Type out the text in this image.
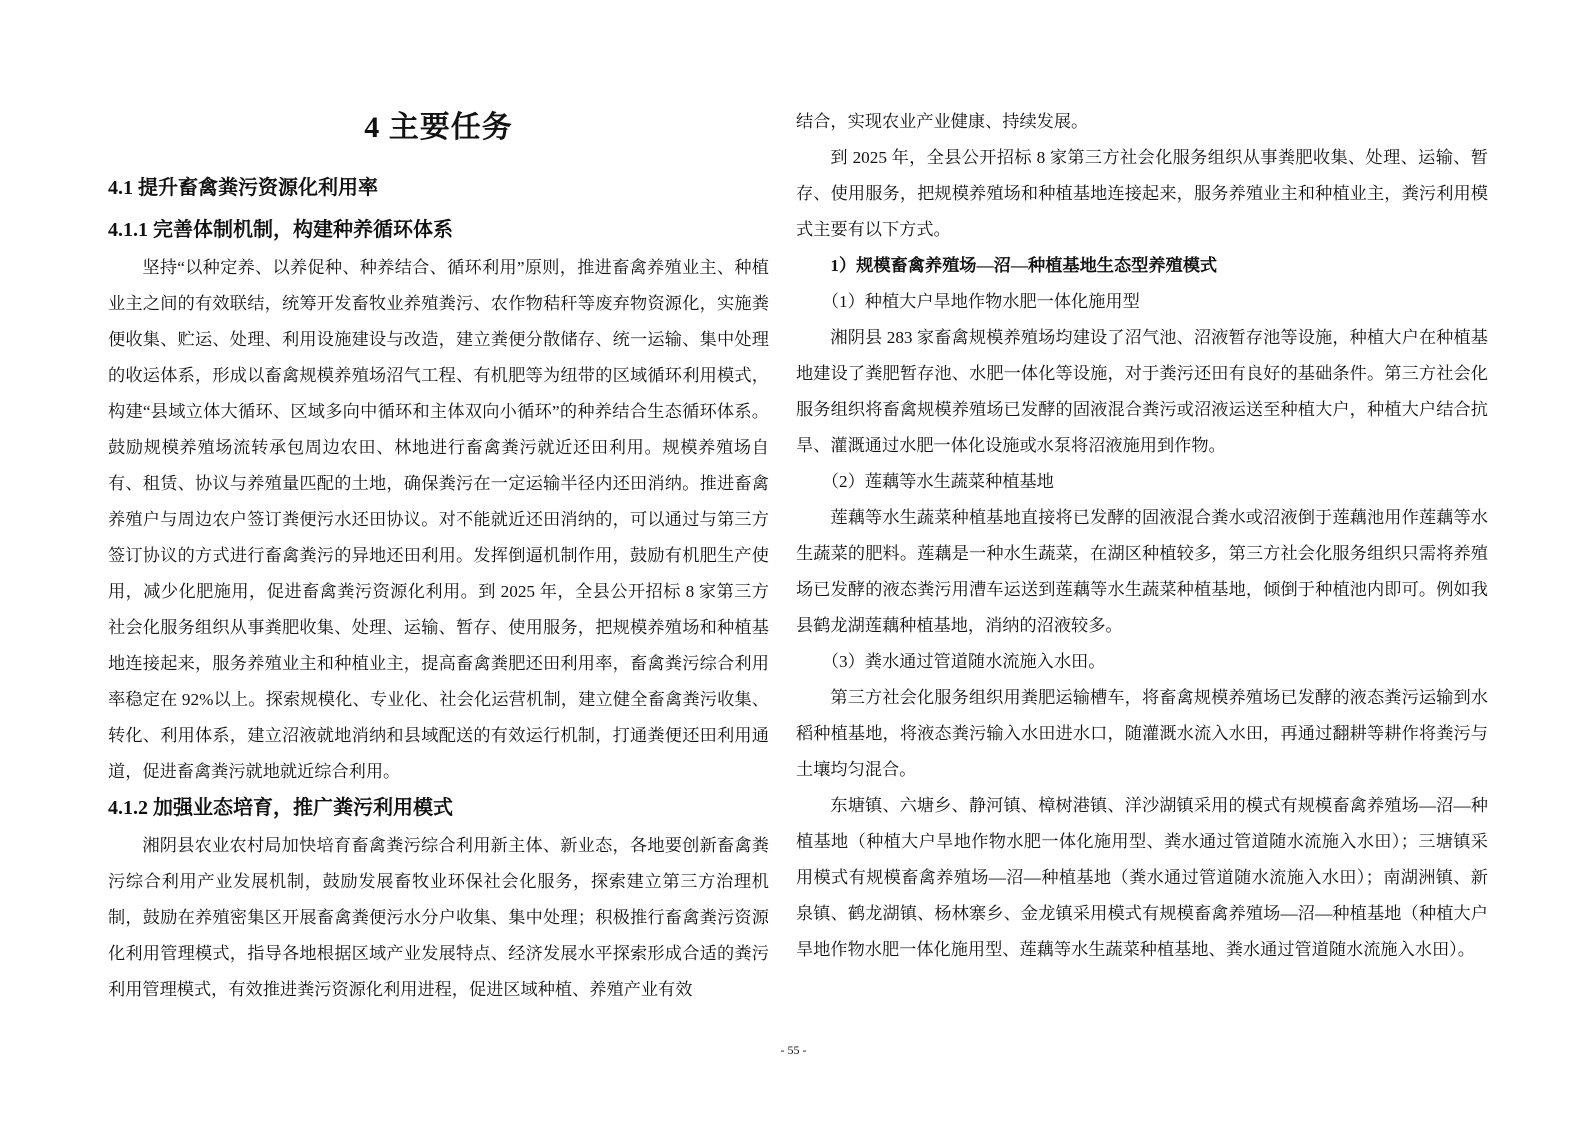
4 主要任务
4.1 提升畜禽粪污资源化利用率
4.1.1 完善体制机制，构建种养循环体系

坚持“以种定养、以养促种、种养结合、循环利用”原则，推进畜禽养殖业主、种植业主之间的有效联结，统筹开发畜牧业养殖粪污、农作物秸秆等废弃物资源化，实施粪便收集、贮运、处理、利用设施建设与改造，建立粪便分散储存、统一运输、集中处理的收运体系，形成以畜禽规模养殖场沼气工程、有机肥等为纽带的区域循环利用模式，构建“县域立体大循环、区域多向中循环和主体双向小循环”的种养结合生态循环体系。鼓励规模养殖场流转承包周边农田、林地进行畜禽粪污就近还田利用。规模养殖场自有、租赁、协议与养殖量匹配的土地，确保粪污在一定运输半径内还田消纳。推进畜禽养殖户与周边农户签订粪便污水还田协议。对不能就近还田消纳的，可以通过与第三方签订协议的方式进行畜禽粪污的异地还田利用。发挥倒逼机制作用，鼓励有机肥生产使用，减少化肥施用，促进畜禽粪污资源化利用。到 2025 年，全县公开招标 8 家第三方社会化服务组织从事粪肥收集、处理、运输、暂存、使用服务，把规模养殖场和种植基地连接起来，服务养殖业主和种植业主，提高畜禽粪肥还田利用率，畜禽粪污综合利用率稳定在 92%以上。探索规模化、专业化、社会化运营机制，建立健全畜禽粪污收集、转化、利用体系，建立沼液就地消纳和县域配送的有效运行机制，打通粪便还田利用通道，促进畜禽粪污就地就近综合利用。

4.1.2 加强业态培育，推广粪污利用模式

湘阴县农业农村局加快培育畜禽粪污综合利用新主体、新业态，各地要创新畜禽粪污综合利用产业发展机制，鼓励发展畜牧业环保社会化服务，探索建立第三方治理机制，鼓励在养殖密集区开展畜禽粪便污水分户收集、集中处理；积极推行畜禽粪污资源化利用管理模式，指导各地根据区域产业发展特点、经济发展水平探索形成合适的粪污利用管理模式，有效推进粪污资源化利用进程，促进区域种植、养殖产业有效

结合，实现农业产业健康、持续发展。

到 2025 年，全县公开招标 8 家第三方社会化服务组织从事粪肥收集、处理、运输、暂存、使用服务，把规模养殖场和种植基地连接起来，服务养殖业主和种植业主，粪污利用模式主要有以下方式。

1）规模畜禽养殖场—沼—种植基地生态型养殖模式

（1）种植大户旱地作物水肥一体化施用型

湘阴县 283 家畜禽规模养殖场均建设了沼气池、沼液暂存池等设施，种植大户在种植基地建设了粪肥暂存池、水肥一体化等设施，对于粪污还田有良好的基础条件。第三方社会化服务组织将畜禽规模养殖场已发酵的固液混合粪污或沼液运送至种植大户，种植大户结合抗旱、灌溉通过水肥一体化设施或水泵将沼液施用到作物。

（2）莲藕等水生蔬菜种植基地

莲藕等水生蔬菜种植基地直接将已发酵的固液混合粪水或沼液倒于莲藕池用作莲藕等水生蔬菜的肥料。莲藕是一种水生蔬菜，在湖区种植较多，第三方社会化服务组织只需将养殖场已发酵的液态粪污用漕车运送到莲藕等水生蔬菜种植基地，倾倒于种植池内即可。例如我县鹤龙湖莲藕种植基地，消纳的沼液较多。

（3）粪水通过管道随水流施入水田。

第三方社会化服务组织用粪肥运输槽车，将畜禽规模养殖场已发酵的液态粪污运输到水稻种植基地，将液态粪污输入水田进水口，随灌溉水流入水田，再通过翻耕等耕作将粪污与土壤均匀混合。

东塘镇、六塘乡、静河镇、樟树港镇、洋沙湖镇采用的模式有规模畜禽养殖场—沼—种植基地（种植大户旱地作物水肥一体化施用型、粪水通过管道随水流施入水田）；三塘镇采用模式有规模畜禽养殖场—沼—种植基地（粪水通过管道随水流施入水田）；南湖洲镇、新泉镇、鹤龙湖镇、杨林寨乡、金龙镇采用模式有规模畜禽养殖场—沼—种植基地（种植大户旱地作物水肥一体化施用型、莲藕等水生蔬菜种植基地、粪水通过管道随水流施入水田）。

- 55 -
